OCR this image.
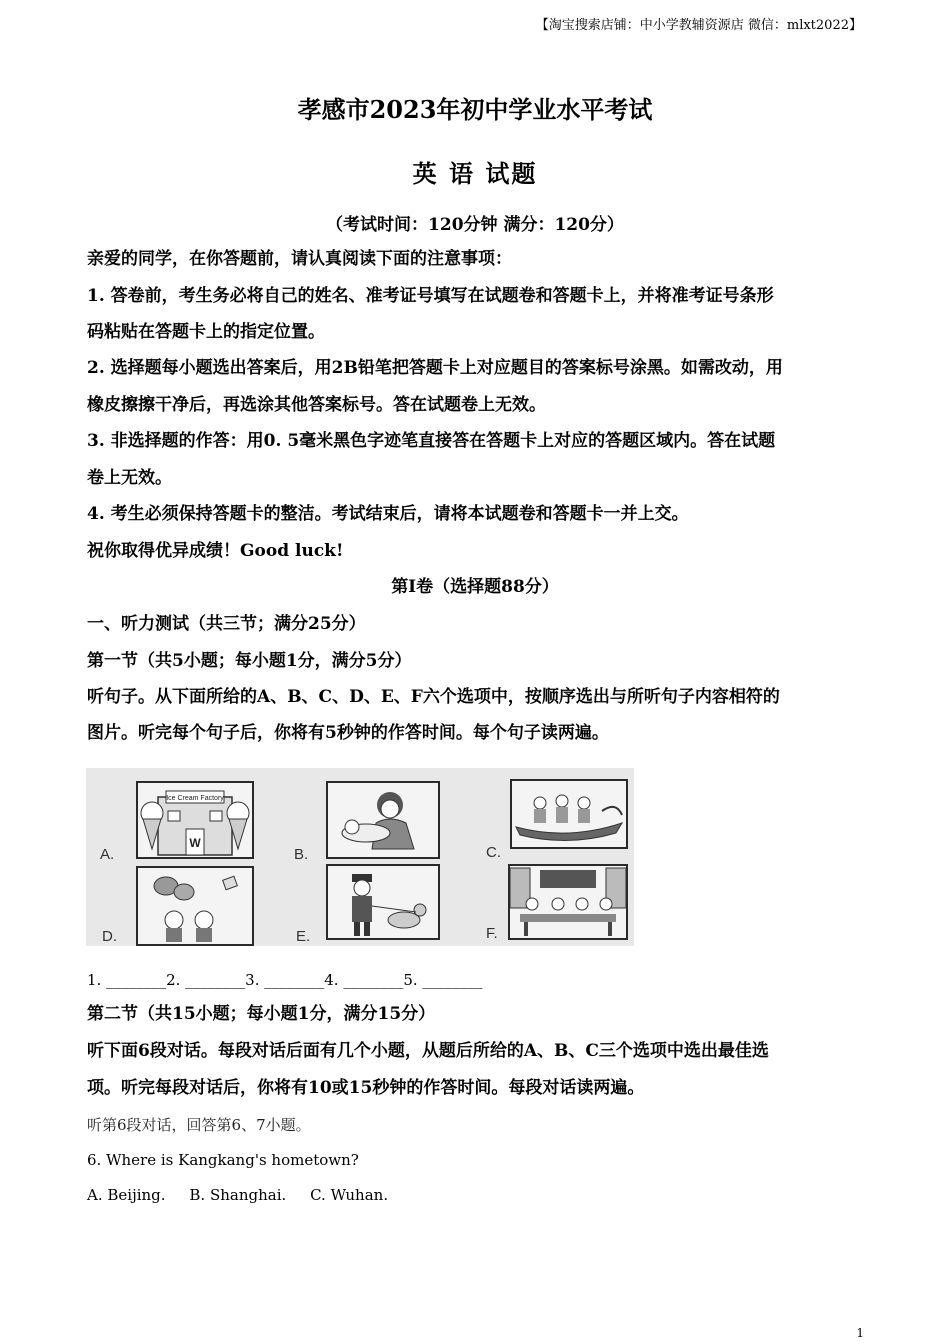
【淘宝搜索店铺：中小学教辅资源店 微信：mlxt2022】
孝感市2023年初中学业水平考试
英 语 试题
（考试时间：120分钟 满分：120分）
亲爱的同学，在你答题前，请认真阅读下面的注意事项：
1. 答卷前，考生务必将自己的姓名、准考证号填写在试题卷和答题卡上，并将准考证号条形
码粘贴在答题卡上的指定位置。
2. 选择题每小题选出答案后，用2B铅笔把答题卡上对应题目的答案标号涂黑。如需改动，用
橡皮擦擦干净后，再选涂其他答案标号。答在试题卷上无效。
3. 非选择题的作答：用0. 5毫米黑色字迹笔直接答在答题卡上对应的答题区域内。答在试题
卷上无效。
4. 考生必须保持答题卡的整洁。考试结束后，请将本试题卷和答题卡一并上交。
祝你取得优异成绩！Good luck!
第Ⅰ卷（选择题88分）
一、听力测试（共三节；满分25分）
第一节（共5小题；每小题1分，满分5分）
听句子。从下面所给的A、B、C、D、E、F六个选项中，按顺序选出与所听句子内容相符的
图片。听完每个句子后，你将有5秒钟的作答时间。每个句子读两遍。
Ice Cream Factory
W
A.	B.	C.
D.	E.	F.
1. ________2. ________3. ________4. ________5. ________
第二节（共15小题；每小题1分，满分15分）
听下面6段对话。每段对话后面有几个小题，从题后所给的A、B、C三个选项中选出最佳选
项。听完每段对话后，你将有10或15秒钟的作答时间。每段对话读两遍。
听第6段对话，回答第6、7小题。
6. Where is Kangkang's hometown?
A. Beijing. B. Shanghai. C. Wuhan.
1
